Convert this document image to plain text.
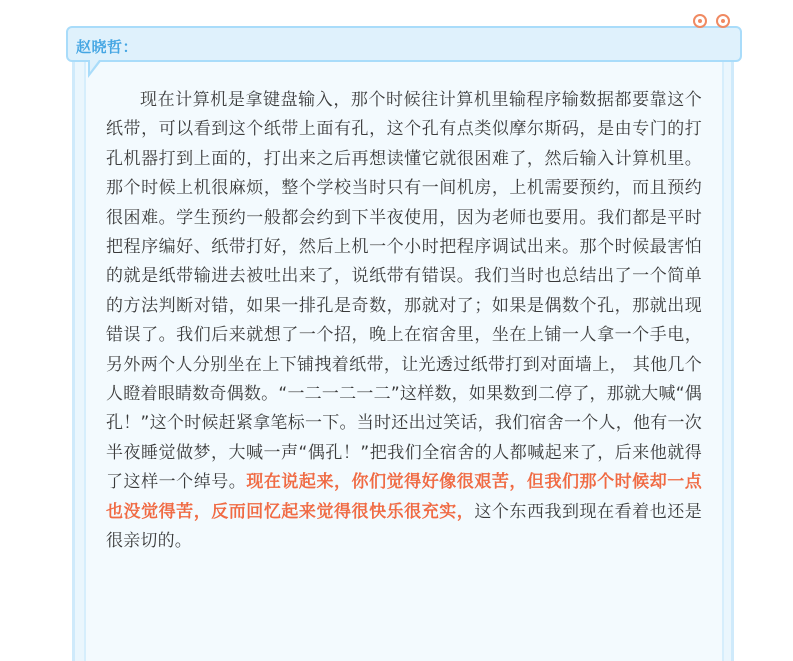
赵晓哲：

现在计算机是拿键盘输入，那个时候往计算机里输程序输数据都要靠这个纸带，可以看到这个纸带上面有孔，这个孔有点类似摩尔斯码，是由专门的打孔机器打到上面的，打出来之后再想读懂它就很困难了，然后输入计算机里。那个时候上机很麻烦，整个学校当时只有一间机房，上机需要预约，而且预约很困难。学生预约一般都会约到下半夜使用，因为老师也要用。我们都是平时把程序编好、纸带打好，然后上机一个小时把程序调试出来。那个时候最害怕的就是纸带输进去被吐出来了，说纸带有错误。我们当时也总结出了一个简单的方法判断对错，如果一排孔是奇数，那就对了；如果是偶数个孔，那就出现错误了。我们后来就想了一个招，晚上在宿舍里，坐在上铺一人拿一个手电，另外两个人分别坐在上下铺拽着纸带，让光透过纸带打到对面墙上， 其他几个人瞪着眼睛数奇偶数。“一二一二一二”这样数，如果数到二停了，那就大喊“偶孔！”这个时候赶紧拿笔标一下。当时还出过笑话，我们宿舍一个人，他有一次半夜睡觉做梦，大喊一声“偶孔！”把我们全宿舍的人都喊起来了，后来他就得了这样一个绰号。现在说起来，你们觉得好像很艰苦，但我们那个时候却一点也没觉得苦，反而回忆起来觉得很快乐很充实，这个东西我到现在看着也还是很亲切的。
